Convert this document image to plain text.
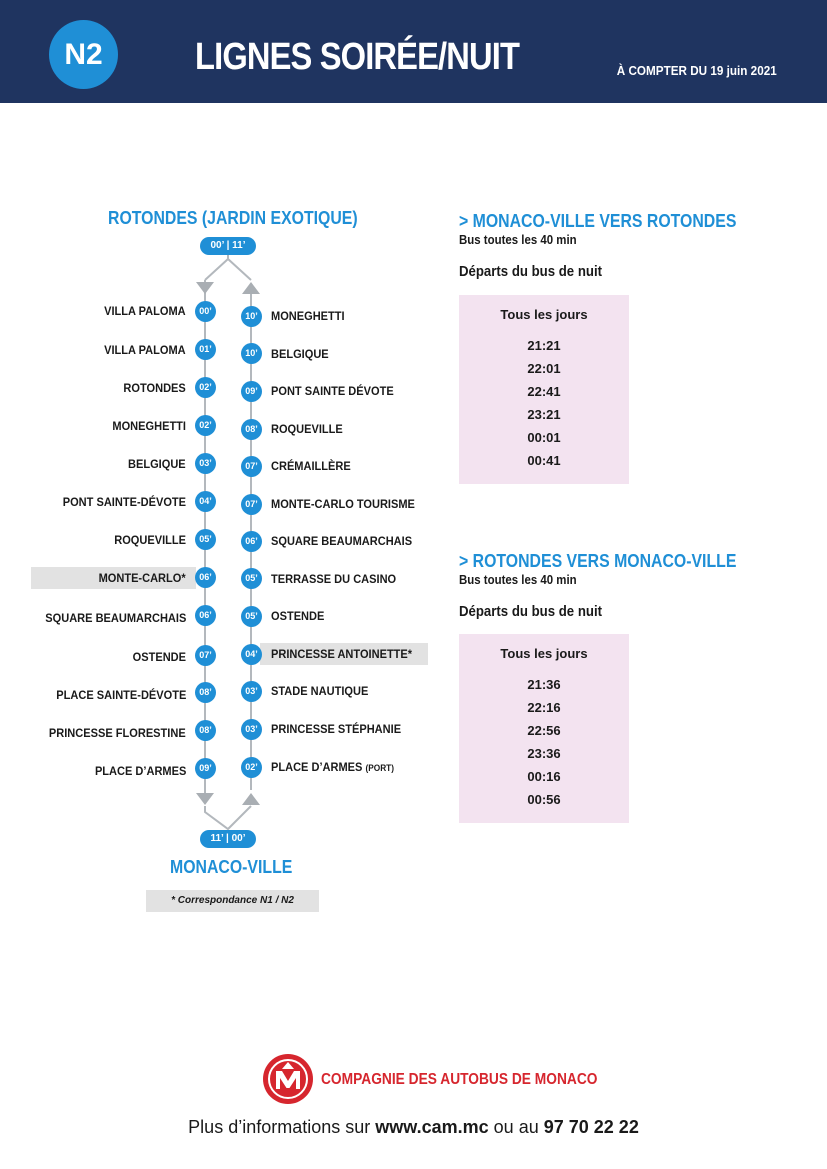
N2	LIGNES SOIRÉE/NUIT	À COMPTER DU 19 juin 2021
ROTONDES (JARDIN EXOTIQUE)
00’ | 11’
VILLA PALOMA	00’
VILLA PALOMA	01’
ROTONDES	02’
MONEGHETTI	02’
BELGIQUE	03’
PONT SAINTE-DÉVOTE	04’
ROQUEVILLE	05’
MONTE-CARLO*	06’
SQUARE BEAUMARCHAIS	06’
OSTENDE	07’
PLACE SAINTE-DÉVOTE	08’
PRINCESSE FLORESTINE	08’
PLACE D’ARMES	09’
10’	MONEGHETTI
10’	BELGIQUE
09’	PONT SAINTE DÉVOTE
08’	ROQUEVILLE
07’	CRÉMAILLÈRE
07’	MONTE-CARLO TOURISME
06’	SQUARE BEAUMARCHAIS
05’	TERRASSE DU CASINO
05’	OSTENDE
04’	PRINCESSE ANTOINETTE*
03’	STADE NAUTIQUE
03’	PRINCESSE STÉPHANIE
02’	PLACE D’ARMES (PORT)
11’ | 00’
MONACO-VILLE
* Correspondance N1 / N2
> MONACO-VILLE VERS ROTONDES
Bus toutes les 40 min
Départs du bus de nuit
Tous les jours
21:21
22:01
22:41
23:21
00:01
00:41
> ROTONDES VERS MONACO-VILLE
Bus toutes les 40 min
Départs du bus de nuit
Tous les jours
21:36
22:16
22:56
23:36
00:16
00:56
COMPAGNIE DES AUTOBUS DE MONACO
Plus d’informations sur www.cam.mc ou au 97 70 22 22
